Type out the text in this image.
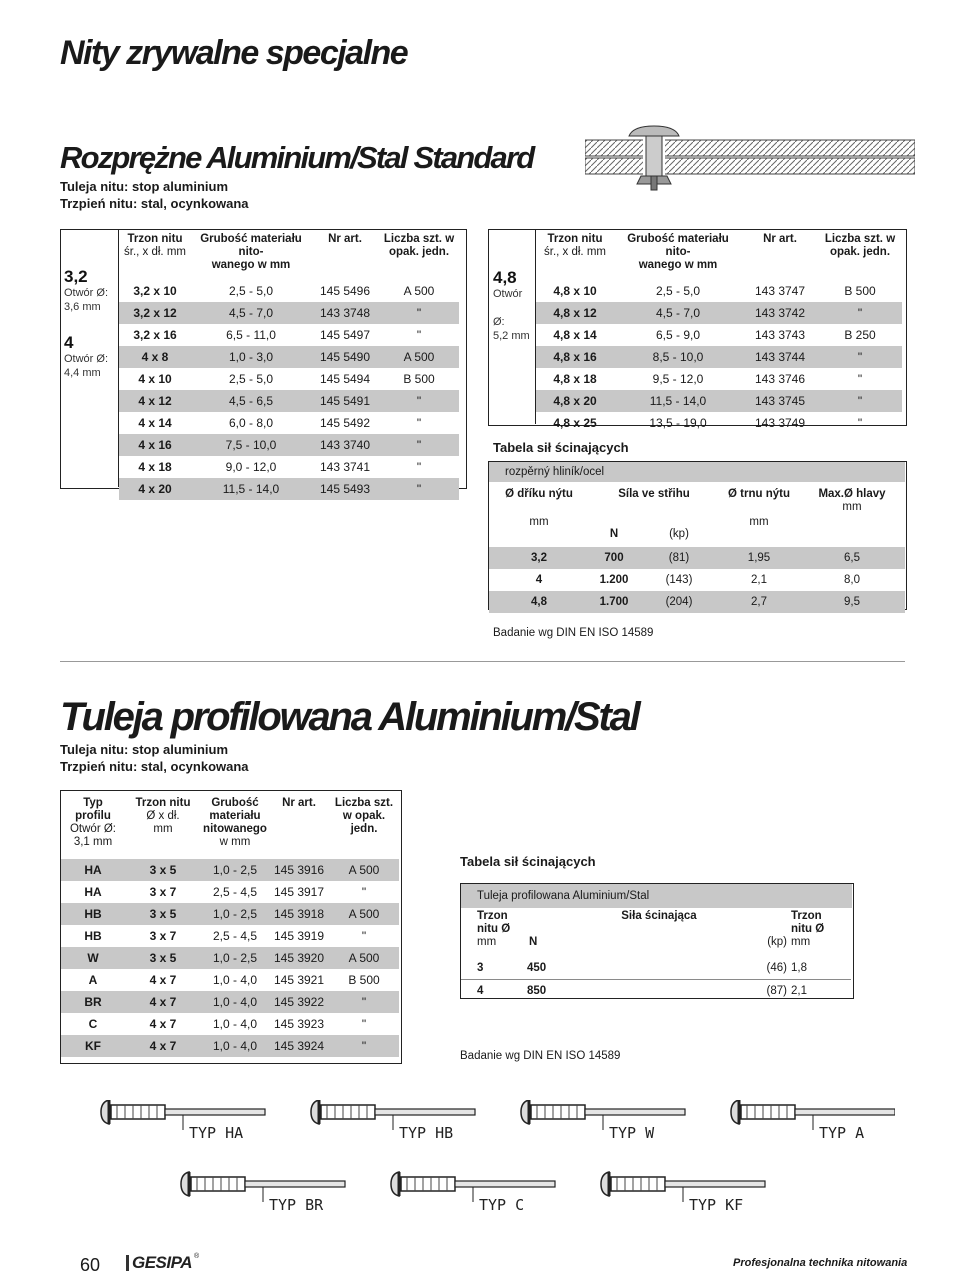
Nity zrywalne specjalne
Rozprężne Aluminium/Stal Standard
Tuleja nitu: stop aluminium
Trzpień nitu: stal, ocynkowana
3,2
Otwór Ø:
3,6 mm
4
Otwór Ø:
4,4 mm
Trzon nitu
śr., x dł. mm	Grubość materiału nito-
wanego w mm	Nr art.	Liczba szt. w
opak. jedn.

3,2 x 10	2,5 - 5,0	145 5496	A 500
3,2 x 12	4,5 - 7,0	143 3748	"
3,2 x 16	6,5 - 11,0	145 5497	"
4 x 8	1,0 - 3,0	145 5490	A 500
4 x 10	2,5 - 5,0	145 5494	B 500
4 x 12	4,5 - 6,5	145 5491	"
4 x 14	6,0 - 8,0	145 5492	"
4 x 16	7,5 - 10,0	143 3740	"
4 x 18	9,0 - 12,0	143 3741	"
4 x 20	11,5 - 14,0	145 5493	"
4,8
Otwór

Ø:
5,2 mm
Trzon nitu
śr., x dł. mm	Grubość materiału nito-
wanego w mm	Nr art.	Liczba szt. w
opak. jedn.

4,8 x 10	2,5 - 5,0	143 3747	B 500
4,8 x 12	4,5 - 7,0	143 3742	"
4,8 x 14	6,5 - 9,0	143 3743	B 250
4,8 x 16	8,5 - 10,0	143 3744	"
4,8 x 18	9,5 - 12,0	143 3746	"
4,8 x 20	11,5 - 14,0	143 3745	"
4,8 x 25	13,5 - 19,0	143 3749	"
Tabela sił ścinających
rozpěrný hliník/ocel
Ø dříku nýtu	Síla ve střihu		Ø trnu nýtu	Max.Ø hlavy
				mm
mm	N	(kp)	mm	

3,2	700	(81)	1,95	6,5
4	1.200	(143)	2,1	8,0
4,8	1.700	(204)	2,7	9,5
Badanie wg DIN EN ISO 14589
Tuleja profilowana Aluminium/Stal
Tuleja nitu: stop aluminium
Trzpień nitu: stal, ocynkowana
Typ
profilu
Otwór Ø:
3,1 mm	Trzon nitu
Ø x dł.
mm	Grubość
materiału
nitowanego
w mm	Nr art.	Liczba szt.
w opak.
jedn.

HA	3 x 5	1,0 - 2,5	145 3916	A 500
HA	3 x 7	2,5 - 4,5	145 3917	"
HB	3 x 5	1,0 - 2,5	145 3918	A 500
HB	3 x 7	2,5 - 4,5	145 3919	"
W	3 x 5	1,0 - 2,5	145 3920	A 500
A	4 x 7	1,0 - 4,0	145 3921	B 500
BR	4 x 7	1,0 - 4,0	145 3922	"
C	4 x 7	1,0 - 4,0	145 3923	"
KF	4 x 7	1,0 - 4,0	145 3924	"
Tabela sił ścinających
Tuleja profilowana Aluminium/Stal
Trzon
nitu Ø
mm	Siła ścinająca

N (kp)		Trzon
nitu Ø
mm

3	450	(46)	1,8
4	850	(87)	2,1
Badanie wg DIN EN ISO 14589
TYP HA	TYP HB	TYP W	TYP A
TYP BR	TYP C	TYP KF
60 GESIPA ®
Profesjonalna technika nitowania
